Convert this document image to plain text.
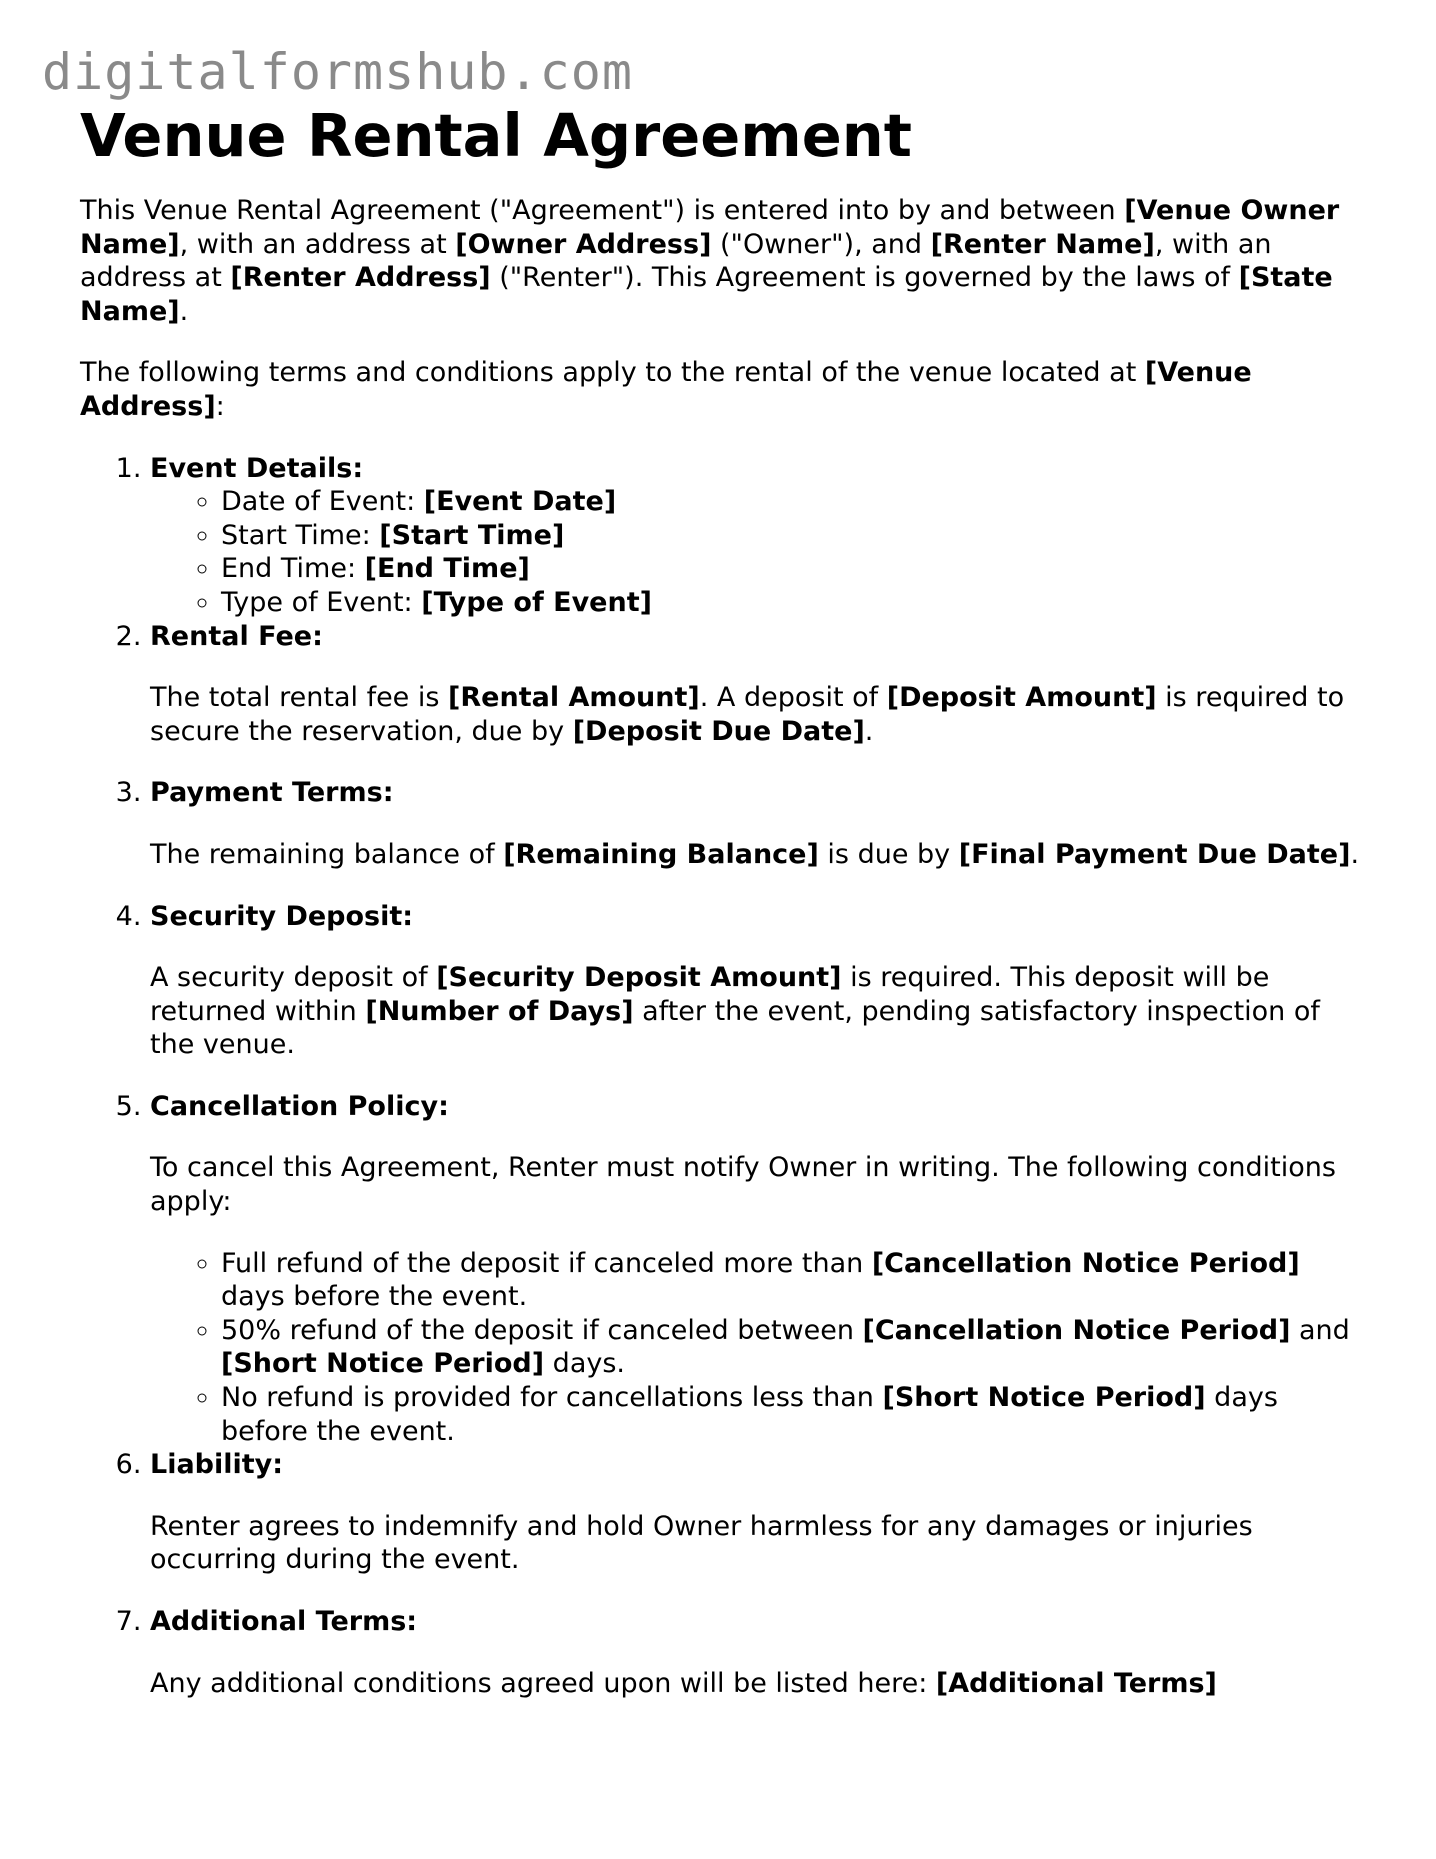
digitalformshub.com
Venue Rental Agreement

This Venue Rental Agreement ("Agreement") is entered into by and between [Venue Owner Name], with an address at [Owner Address] ("Owner"), and [Renter Name], with an address at [Renter Address] ("Renter"). This Agreement is governed by the laws of [State Name].

The following terms and conditions apply to the rental of the venue located at [Venue Address]:

1. Event Details:
◦ Date of Event: [Event Date]
◦ Start Time: [Start Time]
◦ End Time: [End Time]
◦ Type of Event: [Type of Event]
2. Rental Fee:

The total rental fee is [Rental Amount]. A deposit of [Deposit Amount] is required to secure the reservation, due by [Deposit Due Date].

3. Payment Terms:

The remaining balance of [Remaining Balance] is due by [Final Payment Due Date].

4. Security Deposit:

A security deposit of [Security Deposit Amount] is required. This deposit will be returned within [Number of Days] after the event, pending satisfactory inspection of the venue.

5. Cancellation Policy:

To cancel this Agreement, Renter must notify Owner in writing. The following conditions apply:

◦ Full refund of the deposit if canceled more than [Cancellation Notice Period] days before the event.
◦ 50% refund of the deposit if canceled between [Cancellation Notice Period] and [Short Notice Period] days.
◦ No refund is provided for cancellations less than [Short Notice Period] days before the event.
6. Liability:

Renter agrees to indemnify and hold Owner harmless for any damages or injuries occurring during the event.

7. Additional Terms:

Any additional conditions agreed upon will be listed here: [Additional Terms]
